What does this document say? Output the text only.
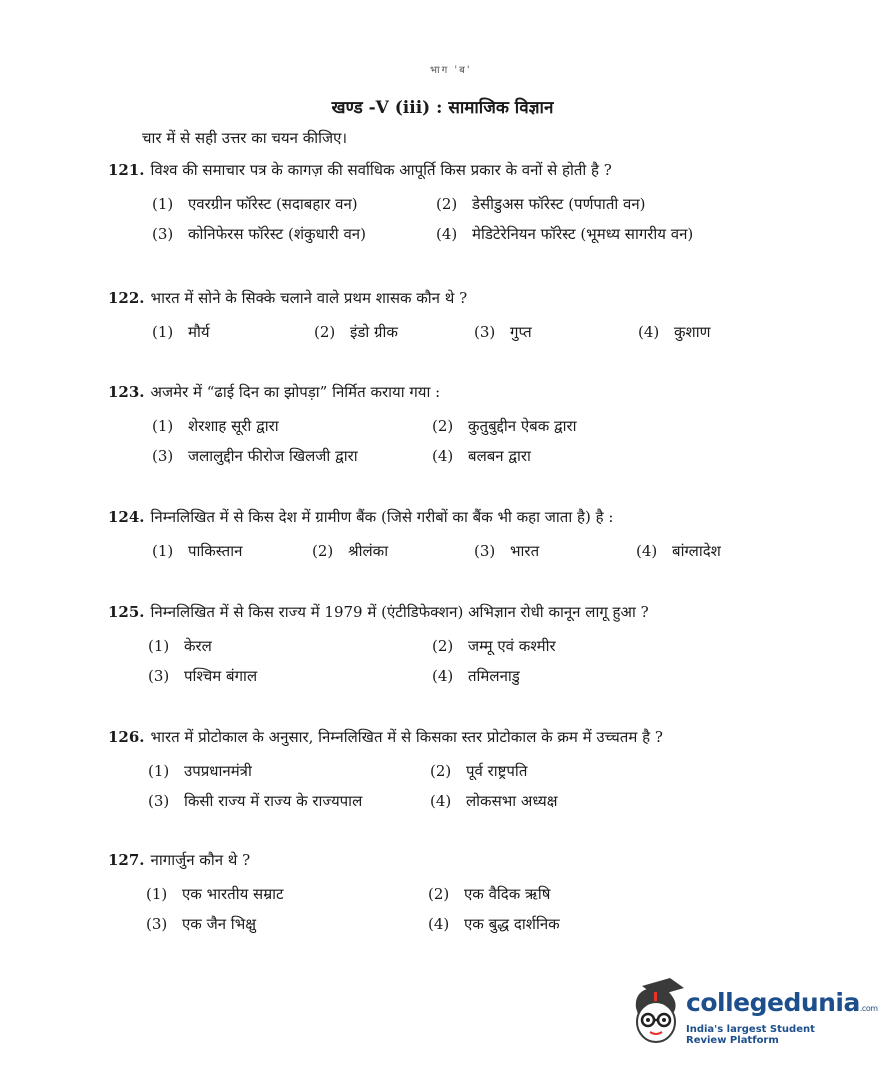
भाग 'ब'
खण्ड -V (iii) : सामाजिक विज्ञान
चार में से सही उत्तर का चयन कीजिए।
121. विश्व की समाचार पत्र के कागज़ की सर्वाधिक आपूर्ति किस प्रकार के वनों से होती है ?
(1) एवरग्रीन फॉरेस्ट (सदाबहार वन)	(2) डेसीडुअस फॉरेस्ट (पर्णपाती वन)
(3) कोनिफेरस फॉरेस्ट (शंकुधारी वन)	(4) मेडिटेरेनियन फॉरेस्ट (भूमध्य सागरीय वन)
122. भारत में सोने के सिक्के चलाने वाले प्रथम शासक कौन थे ?
(1) मौर्य	(2) इंडो ग्रीक	(3) गुप्त	(4) कुशाण
123. अजमेर में “ढाई दिन का झोपड़ा” निर्मित कराया गया :
(1) शेरशाह सूरी द्वारा	(2) कुतुबुद्दीन ऐबक द्वारा
(3) जलालुद्दीन फीरोज खिलजी द्वारा	(4) बलबन द्वारा
124. निम्नलिखित में से किस देश में ग्रामीण बैंक (जिसे गरीबों का बैंक भी कहा जाता है) है :
(1) पाकिस्तान	(2) श्रीलंका	(3) भारत	(4) बांग्लादेश
125. निम्नलिखित में से किस राज्य में 1979 में (एंटीडिफेक्शन) अभिज्ञान रोधी कानून लागू हुआ ?
(1) केरल	(2) जम्मू एवं कश्मीर
(3) पश्चिम बंगाल	(4) तमिलनाडु
126. भारत में प्रोटोकाल के अनुसार, निम्नलिखित में से किसका स्तर प्रोटोकाल के क्रम में उच्चतम है ?
(1) उपप्रधानमंत्री	(2) पूर्व राष्ट्रपति
(3) किसी राज्य में राज्य के राज्यपाल	(4) लोकसभा अध्यक्ष
127. नागार्जुन कौन थे ?
(1) एक भारतीय सम्राट	(2) एक वैदिक ऋषि
(3) एक जैन भिक्षु	(4) एक बुद्ध दार्शनिक
collegedunia.com
India's largest Student Review Platform
